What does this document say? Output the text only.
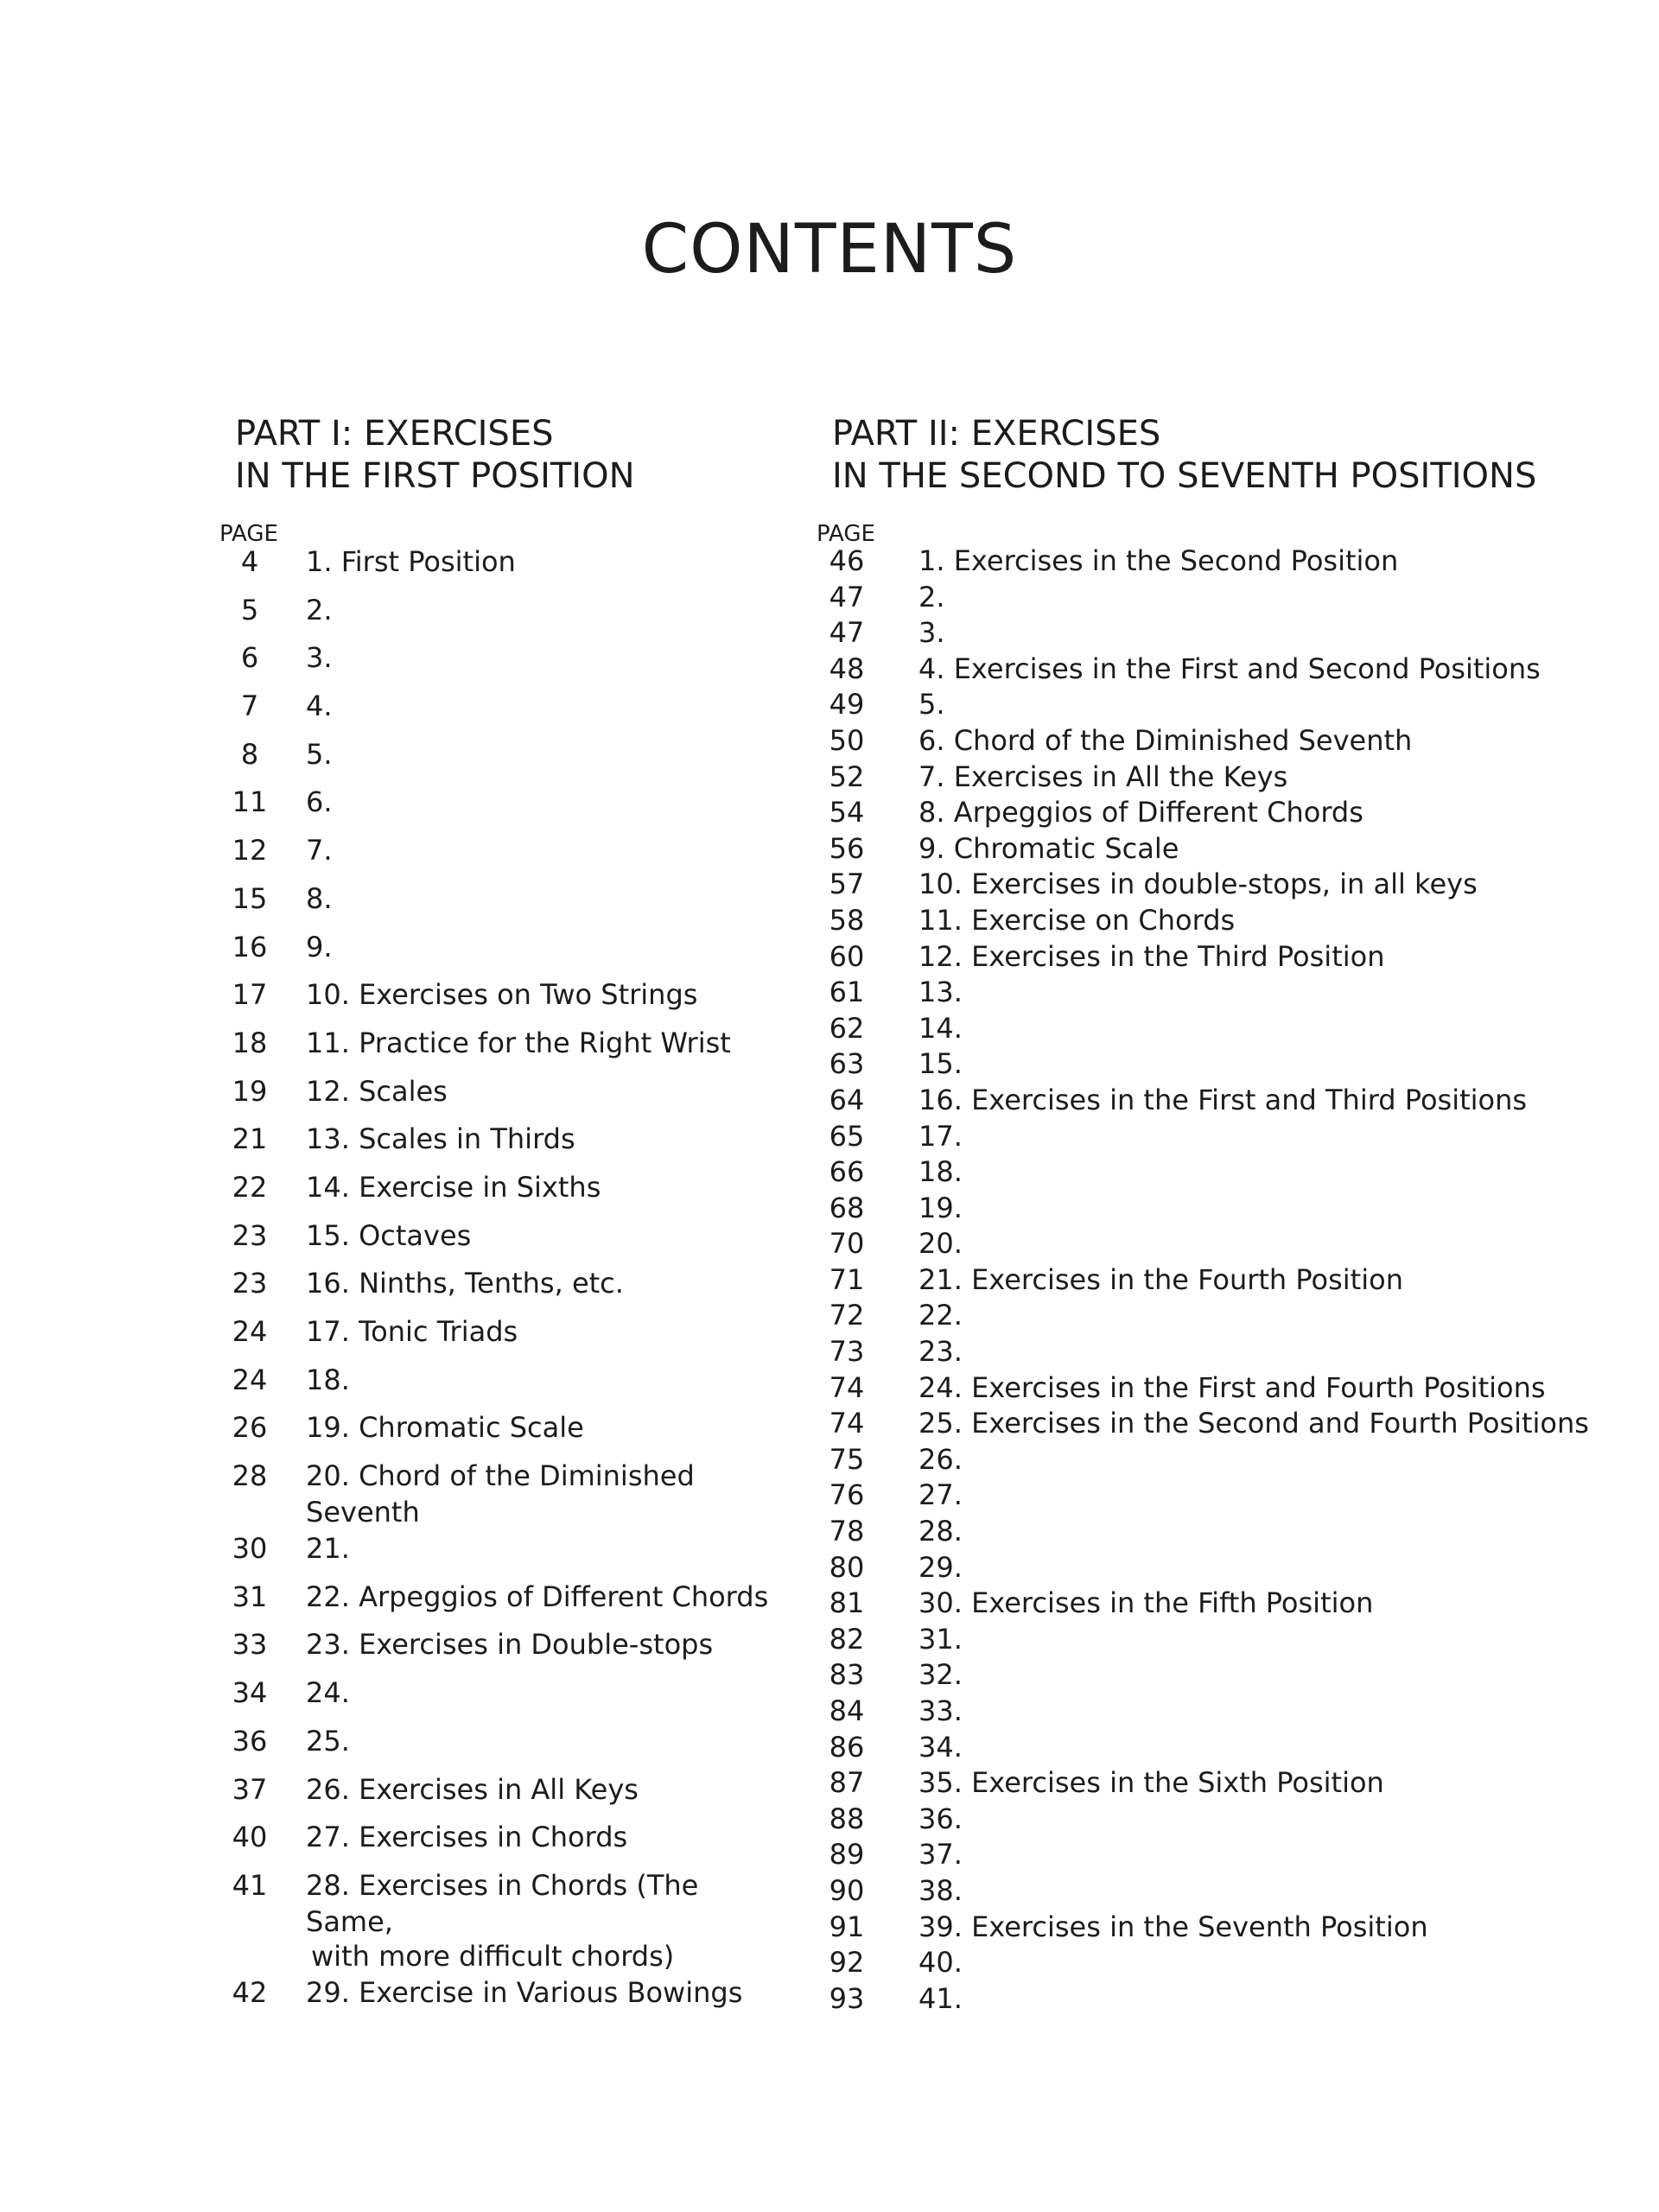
CONTENTS
PART I: EXERCISES
IN THE FIRST POSITION
PAGE
4	1. First Position
5	2.
6	3.
7	4.
8	5.
11	6.
12	7.
15	8.
16	9.
17	10. Exercises on Two Strings
18	11. Practice for the Right Wrist
19	12. Scales
21	13. Scales in Thirds
22	14. Exercise in Sixths
23	15. Octaves
23	16. Ninths, Tenths, etc.
24	17. Tonic Triads
24	18.
26	19. Chromatic Scale
28	20. Chord of the Diminished Seventh
30	21.
31	22. Arpeggios of Different Chords
33	23. Exercises in Double-stops
34	24.
36	25.
37	26. Exercises in All Keys
40	27. Exercises in Chords
41	28. Exercises in Chords (The Same,
with more difficult chords)
42	29. Exercise in Various Bowings
PART II: EXERCISES
IN THE SECOND TO SEVENTH POSITIONS
PAGE
46	1. Exercises in the Second Position
47	2.
47	3.
48	4. Exercises in the First and Second Positions
49	5.
50	6. Chord of the Diminished Seventh
52	7. Exercises in All the Keys
54	8. Arpeggios of Different Chords
56	9. Chromatic Scale
57	10. Exercises in double-stops, in all keys
58	11. Exercise on Chords
60	12. Exercises in the Third Position
61	13.
62	14.
63	15.
64	16. Exercises in the First and Third Positions
65	17.
66	18.
68	19.
70	20.
71	21. Exercises in the Fourth Position
72	22.
73	23.
74	24. Exercises in the First and Fourth Positions
74	25. Exercises in the Second and Fourth Positions
75	26.
76	27.
78	28.
80	29.
81	30. Exercises in the Fifth Position
82	31.
83	32.
84	33.
86	34.
87	35. Exercises in the Sixth Position
88	36.
89	37.
90	38.
91	39. Exercises in the Seventh Position
92	40.
93	41.
